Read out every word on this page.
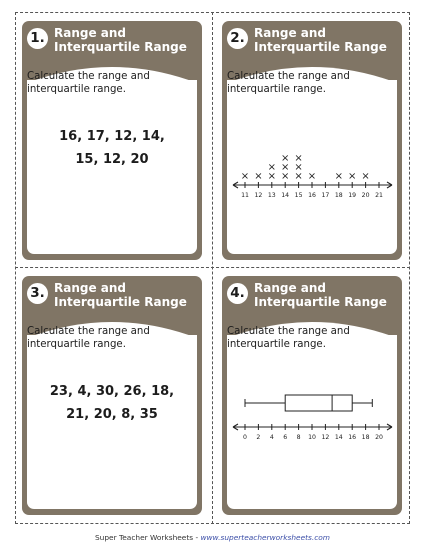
1. Range and
Interquartile Range
Calculate the range and
interquartile range.
16, 17, 12, 14,
15, 12, 20
2. Range and
Interquartile Range
Calculate the range and
interquartile range.
11 12 13 14 15 16 17 18 19 20 21
× × ×
×
×
×
×
×
×
×
× × × ×
3. Range and
Interquartile Range
Calculate the range and
interquartile range.
23, 4, 30, 26, 18,
21, 20, 8, 35
4. Range and
Interquartile Range
Calculate the range and
interquartile range.
0 2 4 6 8 10 12 14 16 18 20
Super Teacher Worksheets - www.superteacherworksheets.com
